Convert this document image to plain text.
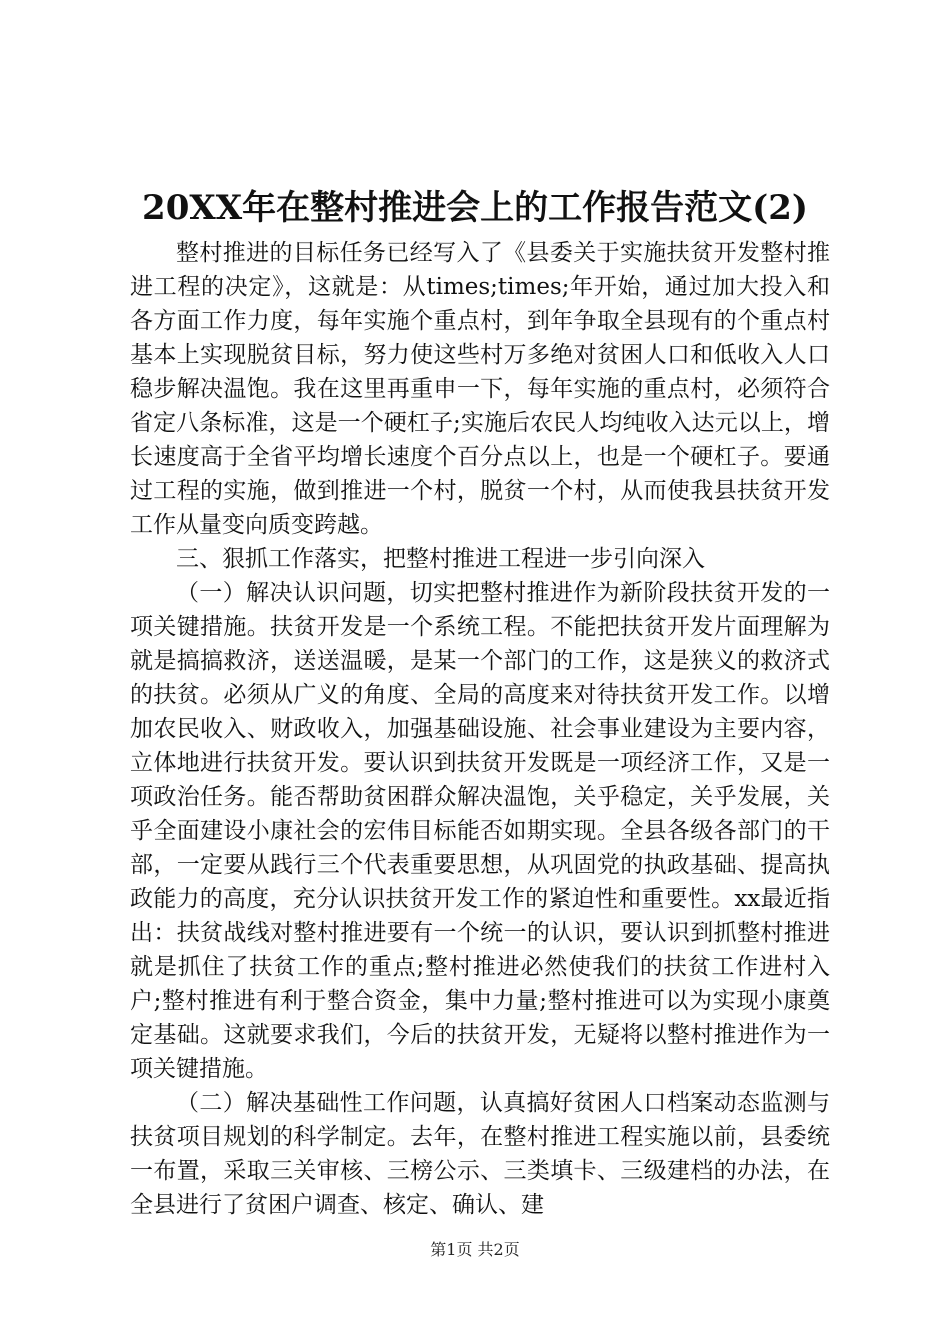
20XX年在整村推进会上的工作报告范文(2)

整村推进的目标任务已经写入了《县委关于实施扶贫开发整村推进工程的决定》，这就是：从times;times;年开始，通过加大投入和各方面工作力度，每年实施个重点村，到年争取全县现有的个重点村基本上实现脱贫目标，努力使这些村万多绝对贫困人口和低收入人口稳步解决温饱。我在这里再重申一下，每年实施的重点村，必须符合省定八条标准，这是一个硬杠子;实施后农民人均纯收入达元以上，增长速度高于全省平均增长速度个百分点以上，也是一个硬杠子。要通过工程的实施，做到推进一个村，脱贫一个村，从而使我县扶贫开发工作从量变向质变跨越。

三、狠抓工作落实，把整村推进工程进一步引向深入

（一）解决认识问题，切实把整村推进作为新阶段扶贫开发的一项关键措施。扶贫开发是一个系统工程。不能把扶贫开发片面理解为就是搞搞救济，送送温暖，是某一个部门的工作，这是狭义的救济式的扶贫。必须从广义的角度、全局的高度来对待扶贫开发工作。以增加农民收入、财政收入，加强基础设施、社会事业建设为主要内容，立体地进行扶贫开发。要认识到扶贫开发既是一项经济工作，又是一项政治任务。能否帮助贫困群众解决温饱，关乎稳定，关乎发展，关乎全面建设小康社会的宏伟目标能否如期实现。全县各级各部门的干部，一定要从践行三个代表重要思想，从巩固党的执政基础、提高执政能力的高度，充分认识扶贫开发工作的紧迫性和重要性。xx最近指出：扶贫战线对整村推进要有一个统一的认识，要认识到抓整村推进就是抓住了扶贫工作的重点;整村推进必然使我们的扶贫工作进村入户;整村推进有利于整合资金，集中力量;整村推进可以为实现小康奠定基础。这就要求我们，今后的扶贫开发，无疑将以整村推进作为一项关键措施。

（二）解决基础性工作问题，认真搞好贫困人口档案动态监测与扶贫项目规划的科学制定。去年，在整村推进工程实施以前，县委统一布置，采取三关审核、三榜公示、三类填卡、三级建档的办法，在全县进行了贫困户调查、核定、确认、建

第1页 共2页
